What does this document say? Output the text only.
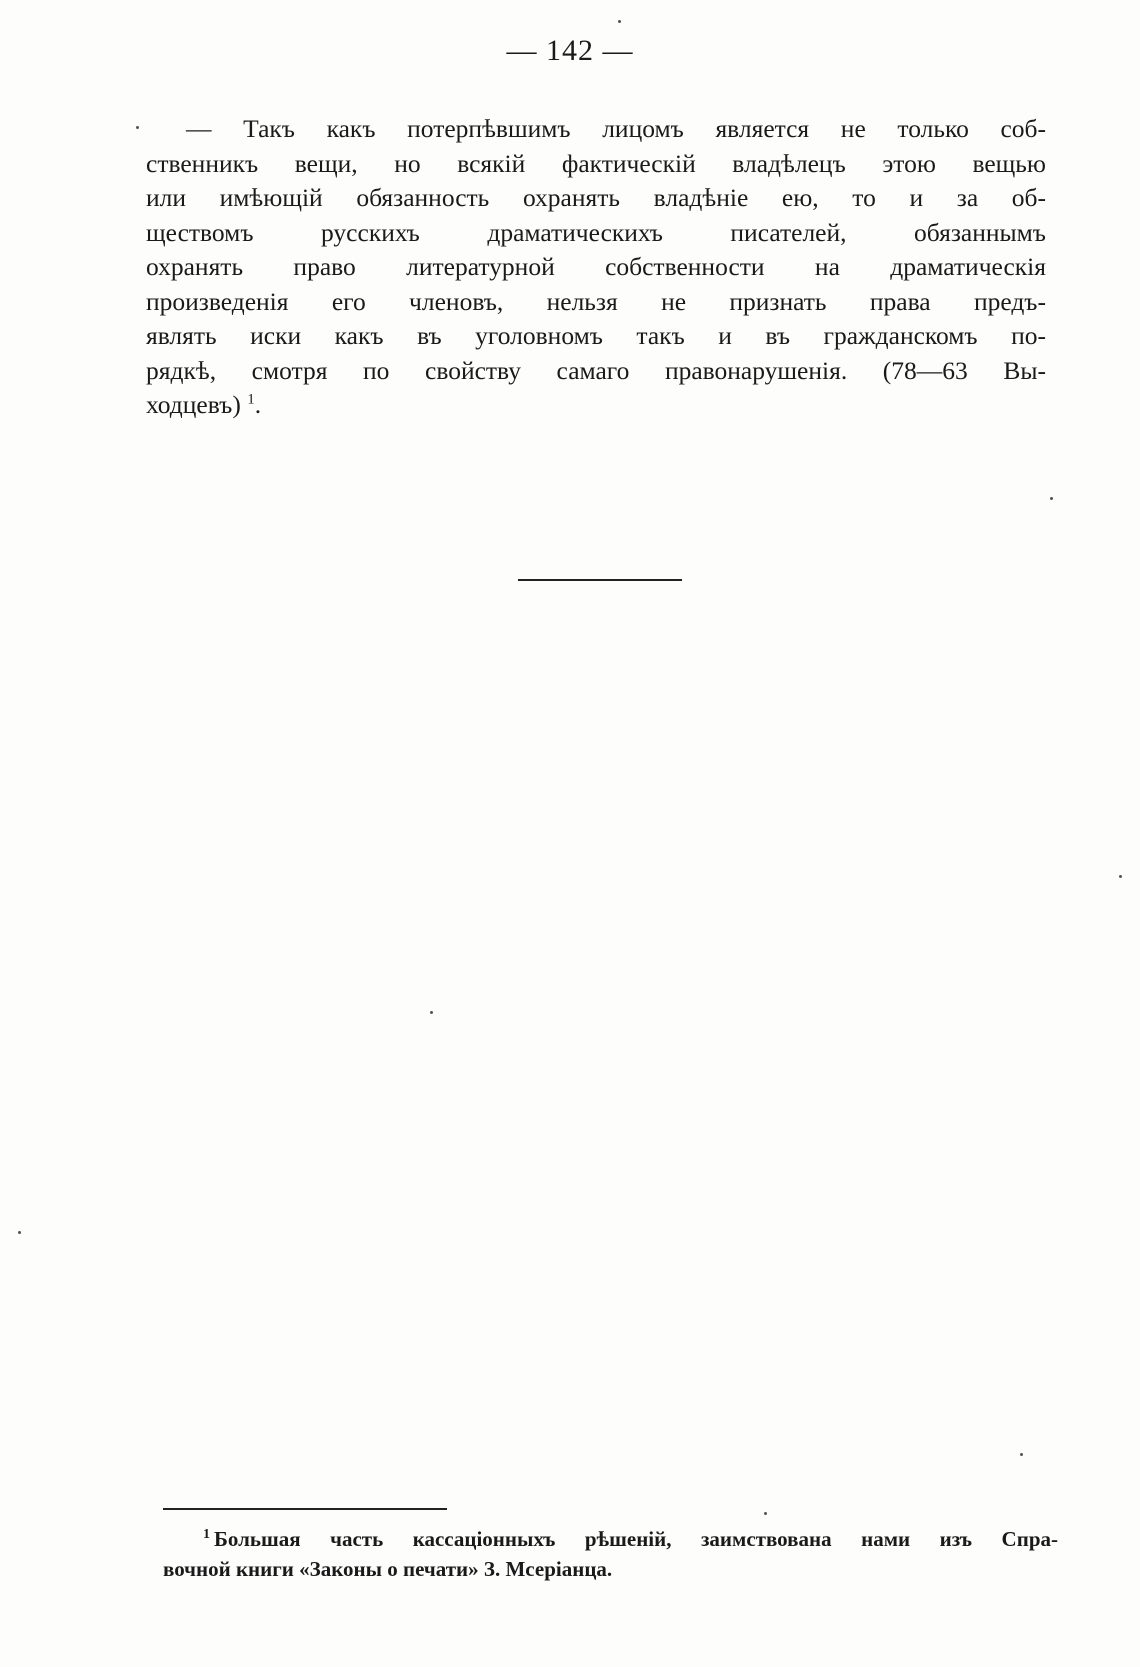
— 142 —
— Такъ какъ потерпѣвшимъ лицомъ является не только соб-
ственникъ вещи, но всякій фактическій владѣлецъ этою вещью
или имѣющій обязанность охранять владѣніе ею, то и за об-
ществомъ русскихъ драматическихъ писателей, обязаннымъ
охранять право литературной собственности на драматическія
произведенія его членовъ, нельзя не признать права предъ-
являть иски какъ въ уголовномъ такъ и въ гражданскомъ по-
рядкѣ, смотря по свойству самаго правонарушенія. (78—63 Вы-
ходцевъ) $^1$.
$^1$ Большая часть кассаціонныхъ рѣшеній, заимствована нами изъ Спра-
вочной книги «Законы о печати» З. Мсеріанца.
